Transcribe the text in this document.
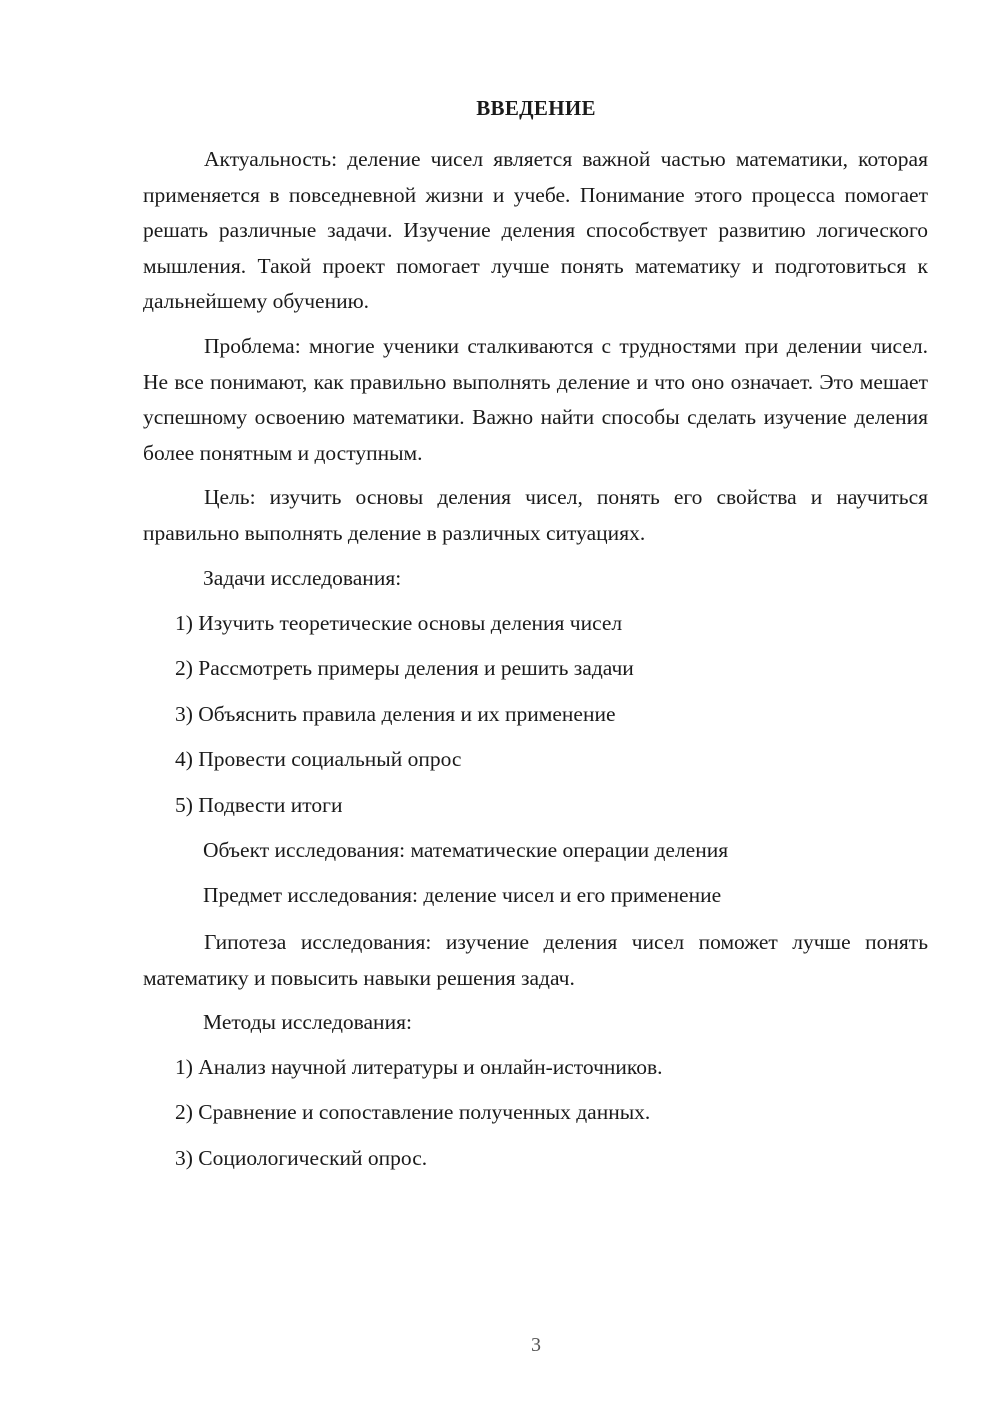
ВВЕДЕНИЕ
Актуальность: деление чисел является важной частью математики, которая применяется в повседневной жизни и учебе. Понимание этого процесса помогает решать различные задачи. Изучение деления способствует развитию логического мышления. Такой проект помогает лучше понять математику и подготовиться к дальнейшему обучению.
Проблема: многие ученики сталкиваются с трудностями при делении чисел. Не все понимают, как правильно выполнять деление и что оно означает. Это мешает успешному освоению математики. Важно найти способы сделать изучение деления более понятным и доступным.
Цель: изучить основы деления чисел, понять его свойства и научиться правильно выполнять деление в различных ситуациях.
Задачи исследования:
1) Изучить теоретические основы деления чисел
2) Рассмотреть примеры деления и решить задачи
3) Объяснить правила деления и их применение
4) Провести социальный опрос
5) Подвести итоги
Объект исследования: математические операции деления
Предмет исследования: деление чисел и его применение
Гипотеза исследования: изучение деления чисел поможет лучше понять математику и повысить навыки решения задач.
Методы исследования:
1) Анализ научной литературы и онлайн-источников.
2) Сравнение и сопоставление полученных данных.
3) Социологический опрос.
3
